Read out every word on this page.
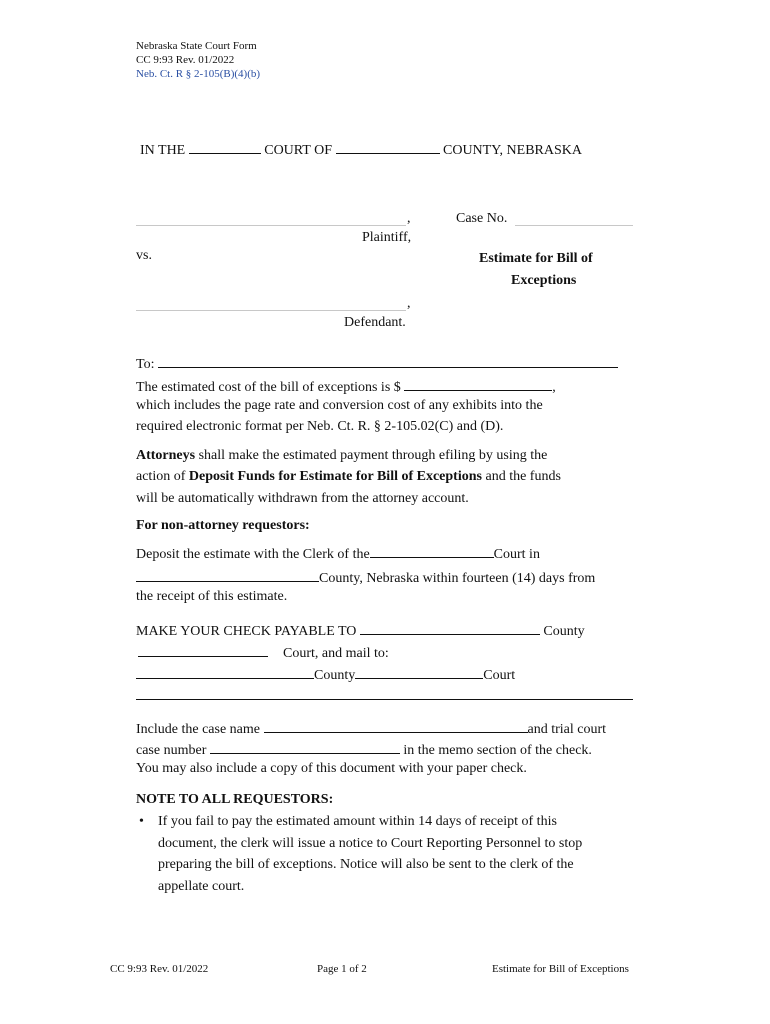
Nebraska State Court Form
CC 9:93 Rev. 01/2022
Neb. Ct. R § 2-105(B)(4)(b)
IN THE	COURT OF	COUNTY, NEBRASKA
,
Plaintiff,
Case No.
vs.	Estimate for Bill of
Exceptions
,
Defendant.
To:
The estimated cost of the bill of exceptions is $	,
which includes the page rate and conversion cost of any exhibits into the
required electronic format per Neb. Ct. R. § 2-105.02(C) and (D).
Attorneys shall make the estimated payment through efiling by using the
action of Deposit Funds for Estimate for Bill of Exceptions and the funds
will be automatically withdrawn from the attorney account.
For non-attorney requestors:
Deposit the estimate with the Clerk of the	Court in
County, Nebraska within fourteen (14) days from
the receipt of this estimate.
MAKE YOUR CHECK PAYABLE TO	County
Court, and mail to:
County	Court
Include the case name	and trial court
case number	in the memo section of the check.
You may also include a copy of this document with your paper check.
NOTE TO ALL REQUESTORS:
• If you fail to pay the estimated amount within 14 days of receipt of this
document, the clerk will issue a notice to Court Reporting Personnel to stop
preparing the bill of exceptions. Notice will also be sent to the clerk of the
appellate court.
CC 9:93 Rev. 01/2022	Page 1 of 2	Estimate for Bill of Exceptions
